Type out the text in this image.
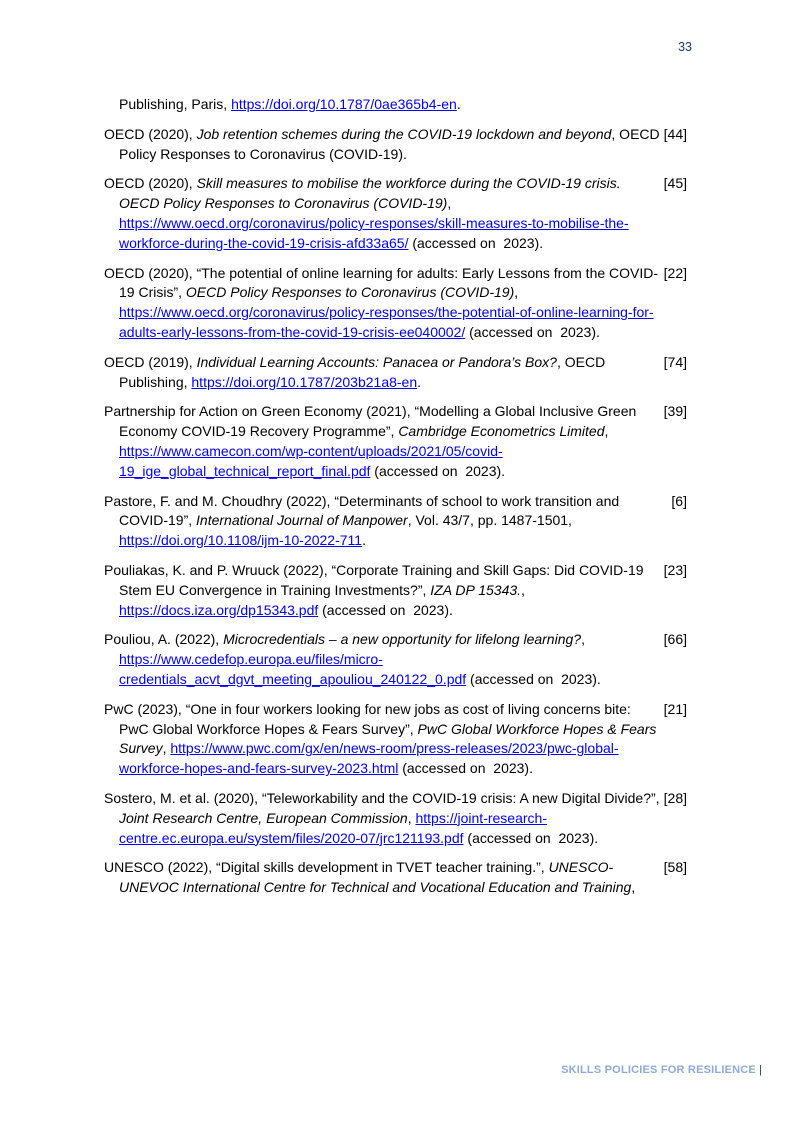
33

Publishing, Paris, https://doi.org/10.1787/0ae365b4-en.

OECD (2020), Job retention schemes during the COVID-19 lockdown and beyond, OECD Policy Responses to Coronavirus (COVID-19).

[44]

OECD (2020), Skill measures to mobilise the workforce during the COVID-19 crisis. OECD Policy Responses to Coronavirus (COVID-19), https://www.oecd.org/coronavirus/policy-responses/skill-measures-to-mobilise-the-workforce-during-the-covid-19-crisis-afd33a65/ (accessed on  2023).

[45]

OECD (2020), “The potential of online learning for adults: Early Lessons from the COVID-19 Crisis”, OECD Policy Responses to Coronavirus (COVID-19), https://www.oecd.org/coronavirus/policy-responses/the-potential-of-online-learning-for-adults-early-lessons-from-the-covid-19-crisis-ee040002/ (accessed on  2023).

[22]

OECD (2019), Individual Learning Accounts: Panacea or Pandora’s Box?, OECD Publishing, https://doi.org/10.1787/203b21a8-en.

[74]

Partnership for Action on Green Economy (2021), “Modelling a Global Inclusive Green Economy COVID-19 Recovery Programme”, Cambridge Econometrics Limited, https://www.camecon.com/wp-content/uploads/2021/05/covid-19_ige_global_technical_report_final.pdf (accessed on  2023).

[39]

Pastore, F. and M. Choudhry (2022), “Determinants of school to work transition and COVID-19”, International Journal of Manpower, Vol. 43/7, pp. 1487-1501, https://doi.org/10.1108/ijm-10-2022-711.

[6]

Pouliakas, K. and P. Wruuck (2022), “Corporate Training and Skill Gaps: Did COVID-19 Stem EU Convergence in Training Investments?”, IZA DP 15343., https://docs.iza.org/dp15343.pdf (accessed on  2023).

[23]

Pouliou, A. (2022), Microcredentials – a new opportunity for lifelong learning?, https://www.cedefop.europa.eu/files/micro-credentials_acvt_dgvt_meeting_apouliou_240122_0.pdf (accessed on  2023).

[66]

PwC (2023), “One in four workers looking for new jobs as cost of living concerns bite: PwC Global Workforce Hopes & Fears Survey”, PwC Global Workforce Hopes & Fears Survey, https://www.pwc.com/gx/en/news-room/press-releases/2023/pwc-global-workforce-hopes-and-fears-survey-2023.html (accessed on  2023).

[21]

Sostero, M. et al. (2020), “Teleworkability and the COVID-19 crisis: A new Digital Divide?”, Joint Research Centre, European Commission, https://joint-research-centre.ec.europa.eu/system/files/2020-07/jrc121193.pdf (accessed on  2023).

[28]

UNESCO (2022), “Digital skills development in TVET teacher training.”, UNESCO-UNEVOC International Centre for Technical and Vocational Education and Training,

[58]
SKILLS POLICIES FOR RESILIENCE |
